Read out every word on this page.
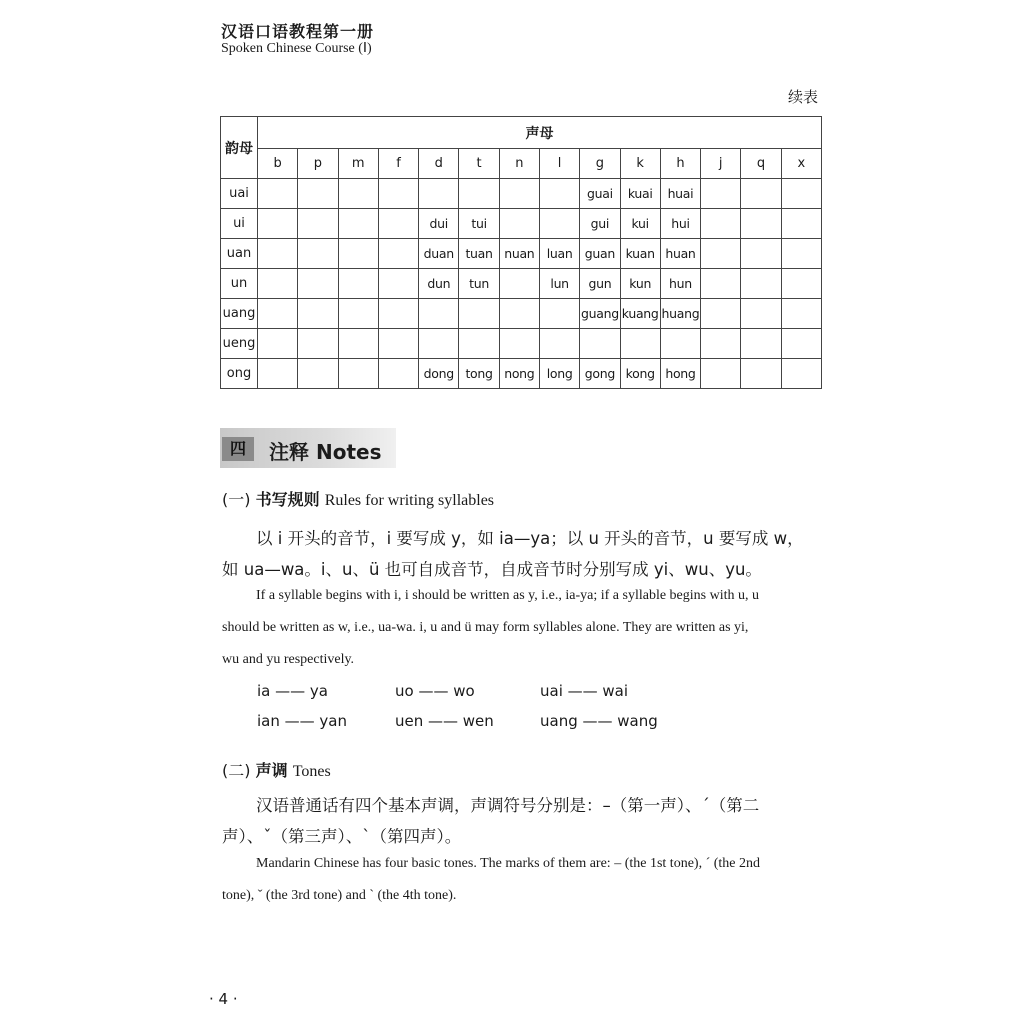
汉语口语教程第一册
Spoken Chinese Course (Ⅰ)
续表
韵母	声母													
	b	p	m	f	d	t	n	l	g	k	h	j	q	x
uai									guai	kuai	huai			
ui					dui	tui			gui	kui	hui			
uan					duan	tuan	nuan	luan	guan	kuan	huan			
un					dun	tun		lun	gun	kun	hun			
uang									guang	kuang	huang			
ueng														
ong					dong	tong	nong	long	gong	kong	hong			
四	注释 Notes
(一) 书写规则 Rules for writing syllables
以 i 开头的音节，i 要写成 y，如 ia—ya；以 u 开头的音节，u 要写成 w，
如 ua—wa。i、u、ü 也可自成音节，自成音节时分别写成 yi、wu、yu。
If a syllable begins with i, i should be written as y, i.e., ia-ya; if a syllable begins with u, u
should be written as w, i.e., ua-wa. i, u and ü may form syllables alone. They are written as yi,
wu and yu respectively.
ia —— ya	uo —— wo	uai —— wai
ian —— yan	uen —— wen	uang —— wang
(二) 声调 Tones
汉语普通话有四个基本声调，声调符号分别是：–（第一声）、ˊ（第二
声）、ˇ（第三声）、ˋ（第四声）。
Mandarin Chinese has four basic tones. The marks of them are: – (the 1st tone), ˊ (the 2nd
tone), ˇ (the 3rd tone) and ˋ (the 4th tone).
· 4 ·
